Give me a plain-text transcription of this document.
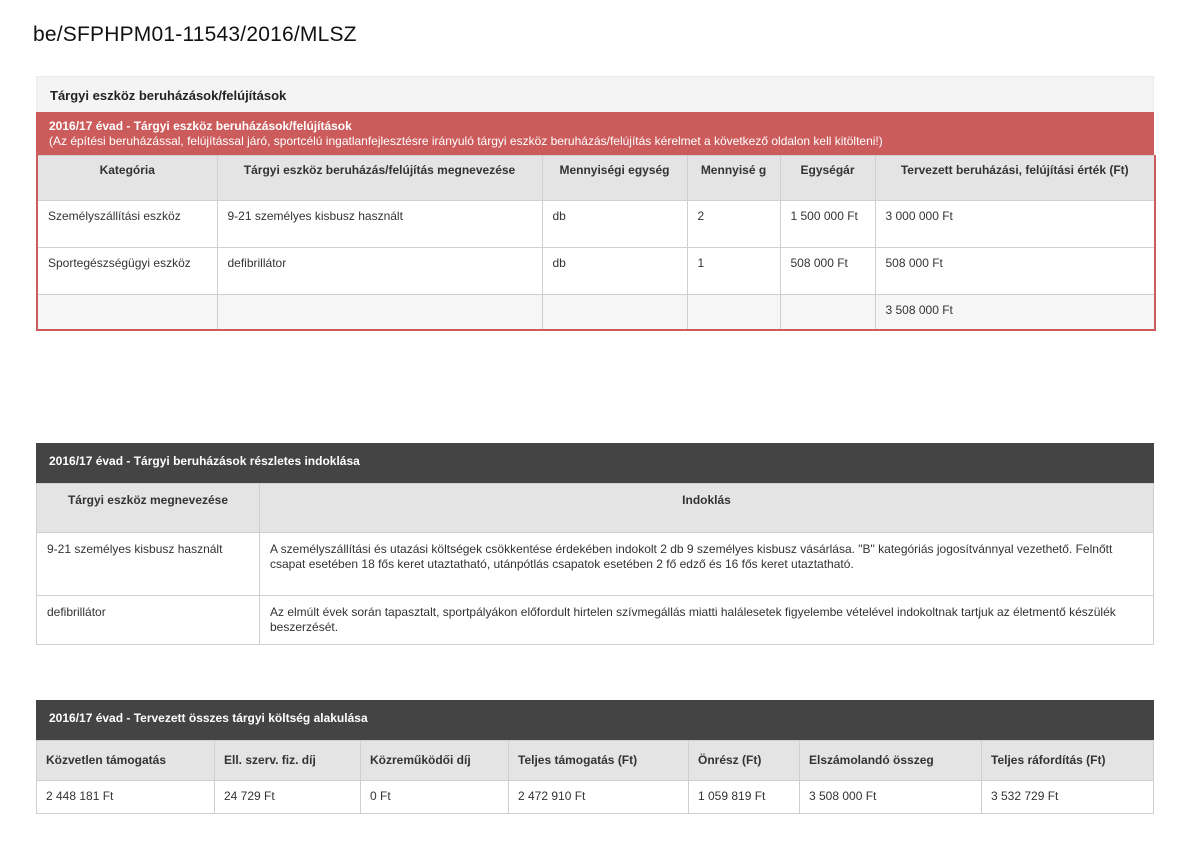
be/SFPHPM01-11543/2016/MLSZ
Tárgyi eszköz beruházások/felújítások
2016/17 évad - Tárgyi eszköz beruházások/felújítások
(Az építési beruházással, felújítással járó, sportcélú ingatlanfejlesztésre irányuló tárgyi eszköz beruházás/felújítás kérelmet a következő oldalon kell kitölteni!)
Kategória	Tárgyi eszköz beruházás/felújítás megnevezése	Mennyiségi egység	Mennyisé g	Egységár	Tervezett beruházási, felújítási érték (Ft)
Személyszállítási eszköz	9-21 személyes kisbusz használt	db	2	1 500 000 Ft	3 000 000 Ft
Sportegészségügyi eszköz	defibrillátor	db	1	508 000 Ft	508 000 Ft
					3 508 000 Ft
2016/17 évad - Tárgyi beruházások részletes indoklása
Tárgyi eszköz megnevezése	Indoklás
9-21 személyes kisbusz használt	A személyszállítási és utazási költségek csökkentése érdekében indokolt 2 db 9 személyes kisbusz vásárlása. "B" kategóriás jogosítvánnyal vezethető. Felnőtt csapat esetében 18 fős keret utaztatható, utánpótlás csapatok esetében 2 fő edző és 16 fős keret utaztatható.
defibrillátor	Az elmúlt évek során tapasztalt, sportpályákon előfordult hirtelen szívmegállás miatti halálesetek figyelembe vételével indokoltnak tartjuk az életmentő készülék beszerzését.
2016/17 évad - Tervezett összes tárgyi költség alakulása
Közvetlen támogatás	Ell. szerv. fiz. díj	Közreműködői díj	Teljes támogatás (Ft)	Önrész (Ft)	Elszámolandó összeg	Teljes ráfordítás (Ft)
2 448 181 Ft	24 729 Ft	0 Ft	2 472 910 Ft	1 059 819 Ft	3 508 000 Ft	3 532 729 Ft
